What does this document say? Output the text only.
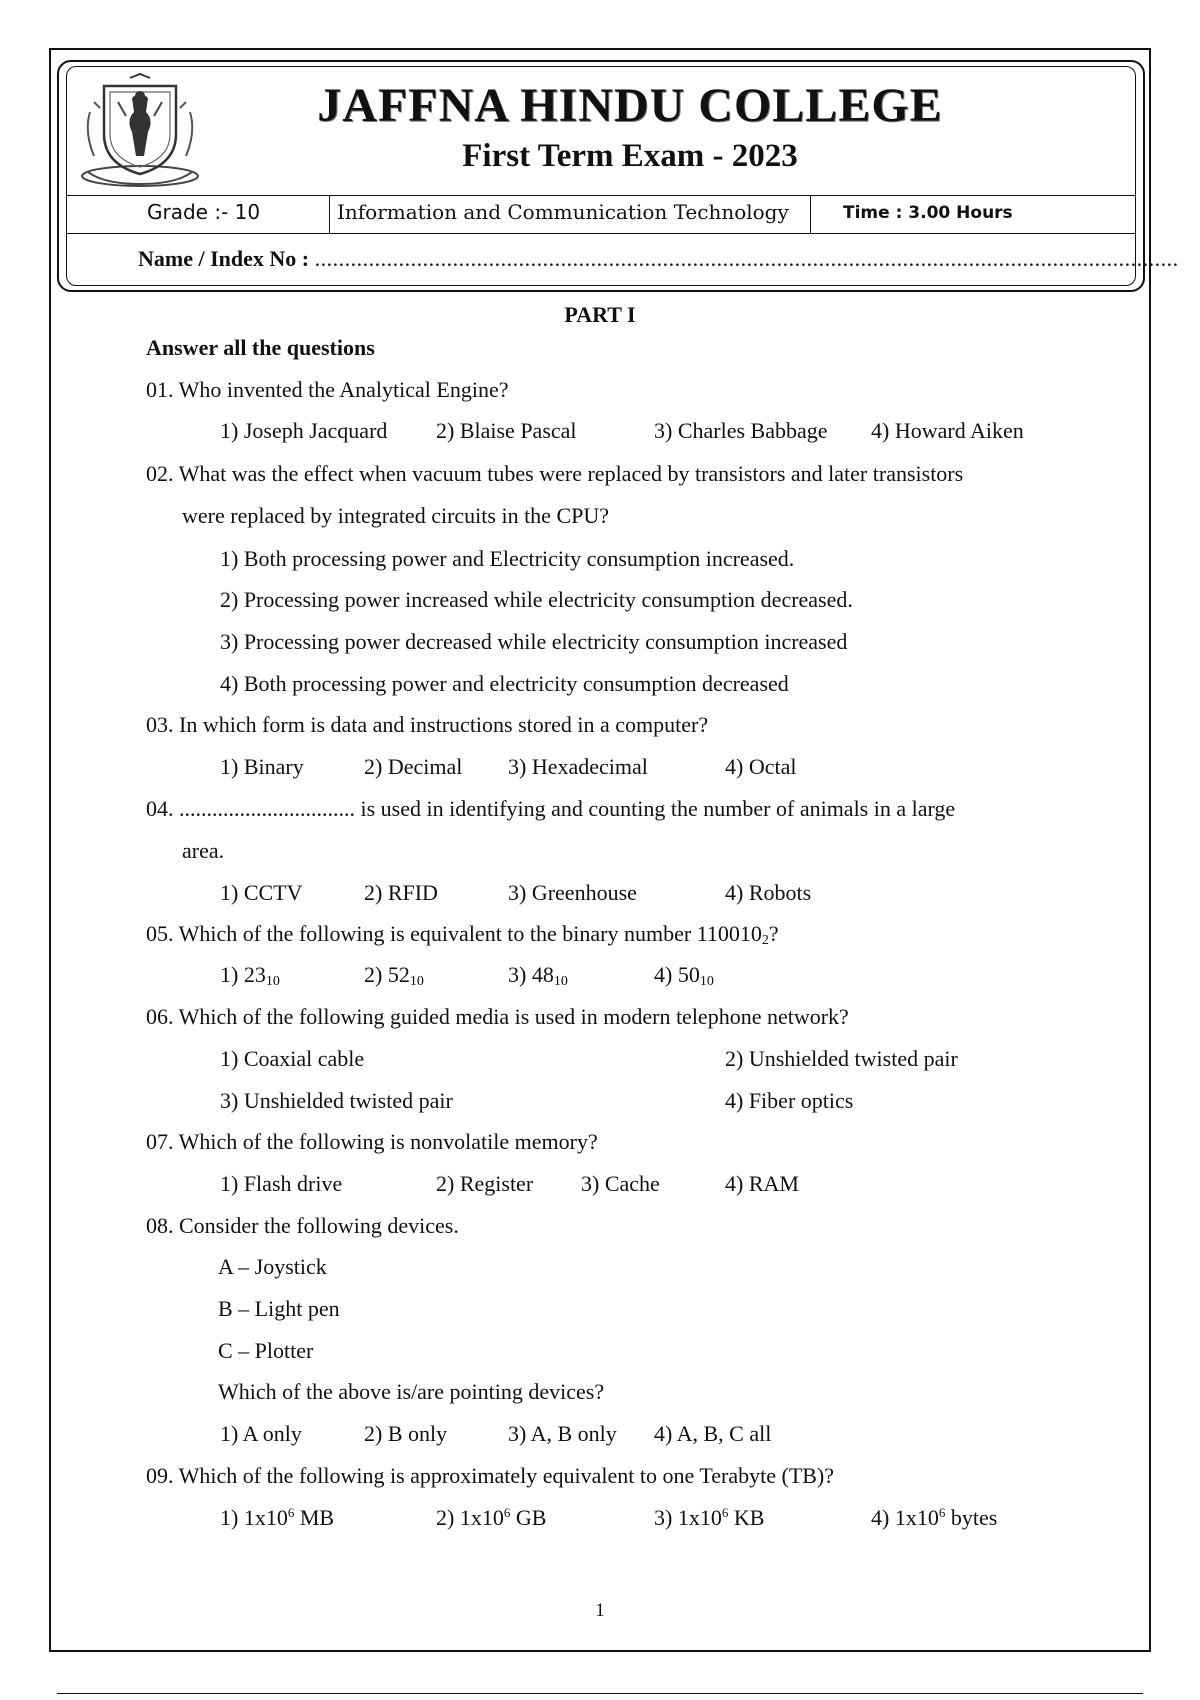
JAFFNA HINDU COLLEGE
First Term Exam - 2023
Grade :- 10	Information and Communication Technology	Time : 3.00 Hours
Name / Index No : ................................................................................................................................................
PART I
Answer all the questions
01. Who invented the Analytical Engine?
1) Joseph Jacquard 2) Blaise Pascal	3) Charles Babbage 4) Howard Aiken
02. What was the effect when vacuum tubes were replaced by transistors and later transistors
were replaced by integrated circuits in the CPU?
1) Both processing power and Electricity consumption increased.
2) Processing power increased while electricity consumption decreased.
3) Processing power decreased while electricity consumption increased
4) Both processing power and electricity consumption decreased
03. In which form is data and instructions stored in a computer?
1) Binary	2) Decimal 3) Hexadecimal	4) Octal
04. ................................ is used in identifying and counting the number of animals in a large
area.
1) CCTV	2) RFID	3) Greenhouse	4) Robots
05. Which of the following is equivalent to the binary number $110010_2$?
1) $23_{10}$	2) $52_{10}$	3) $48_{10}$	4) $50_{10}$
06. Which of the following guided media is used in modern telephone network?
1) Coaxial cable	2) Unshielded twisted pair
3) Unshielded twisted pair	4) Fiber optics
07. Which of the following is nonvolatile memory?
1) Flash drive	2) Register 3) Cache	4) RAM
08. Consider the following devices.
A – Joystick
B – Light pen
C – Plotter
Which of the above is/are pointing devices?
1) A only	2) B only	3) A, B only 4) A, B, C all
09. Which of the following is approximately equivalent to one Terabyte (TB)?
1) $1x10^6$ MB	2) $1x10^6$ GB	3) $1x10^6$ KB	4) $1x10^6$ bytes
1
